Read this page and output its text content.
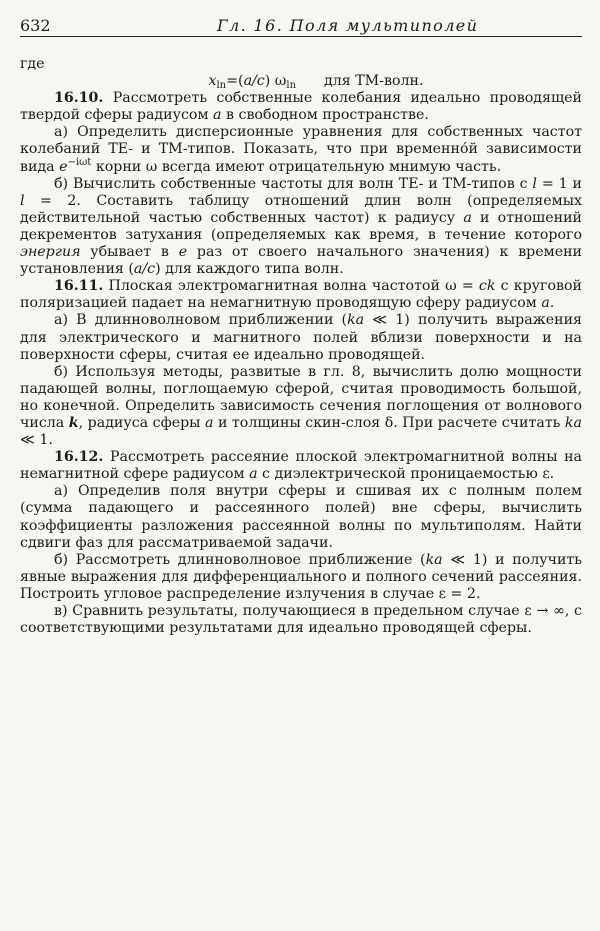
632	Гл. 16. Поля мультиполей

где

$x_{ln}=(a/c)$ $\omega_{ln}$ для ТМ-волн.

16.10. Рассмотреть собственные колебания идеально проводящей твердой сферы радиусом a в свободном пространстве.

а) Определить дисперсионные уравнения для собственных частот колебаний ТЕ- и ТМ-типов. Показать, что при временно́й зависимости вида $e^{-i\omega t}$ корни ω всегда имеют отрицательную мнимую часть.

б) Вычислить собственные частоты для волн ТЕ- и ТМ-типов с l = 1 и l = 2. Составить таблицу отношений длин волн (определяемых действительной частью собственных частот) к радиусу a и отношений декрементов затухания (определяемых как время, в течение которого энергия убывает в e раз от своего начального значения) к времени установления (a/c) для каждого типа волн.

16.11. Плоская электромагнитная волна частотой ω = ck с круговой поляризацией падает на немагнитную проводящую сферу радиусом a.

а) В длинноволновом приближении (ka ≪ 1) получить выражения для электрического и магнитного полей вблизи поверхности и на поверхности сферы, считая ее идеально проводящей.

б) Используя методы, развитые в гл. 8, вычислить долю мощности падающей волны, поглощаемую сферой, считая проводимость большой, но конечной. Определить зависимость сечения поглощения от волнового числа k, радиуса сферы a и толщины скин-слоя δ. При расчете считать ka ≪ 1.

16.12. Рассмотреть рассеяние плоской электромагнитной волны на немагнитной сфере радиусом a с диэлектрической проницаемостью ε.

а) Определив поля внутри сферы и сшивая их с полным полем (сумма падающего и рассеянного полей) вне сферы, вычислить коэффициенты разложения рассеянной волны по мультиполям. Найти сдвиги фаз для рассматриваемой задачи.

б) Рассмотреть длинноволновое приближение (ka ≪ 1) и получить явные выражения для дифференциального и полного сечений рассеяния. Построить угловое распределение излучения в случае ε = 2.

в) Сравнить результаты, получающиеся в предельном случае ε → ∞, с соответствующими результатами для идеально проводящей сферы.
